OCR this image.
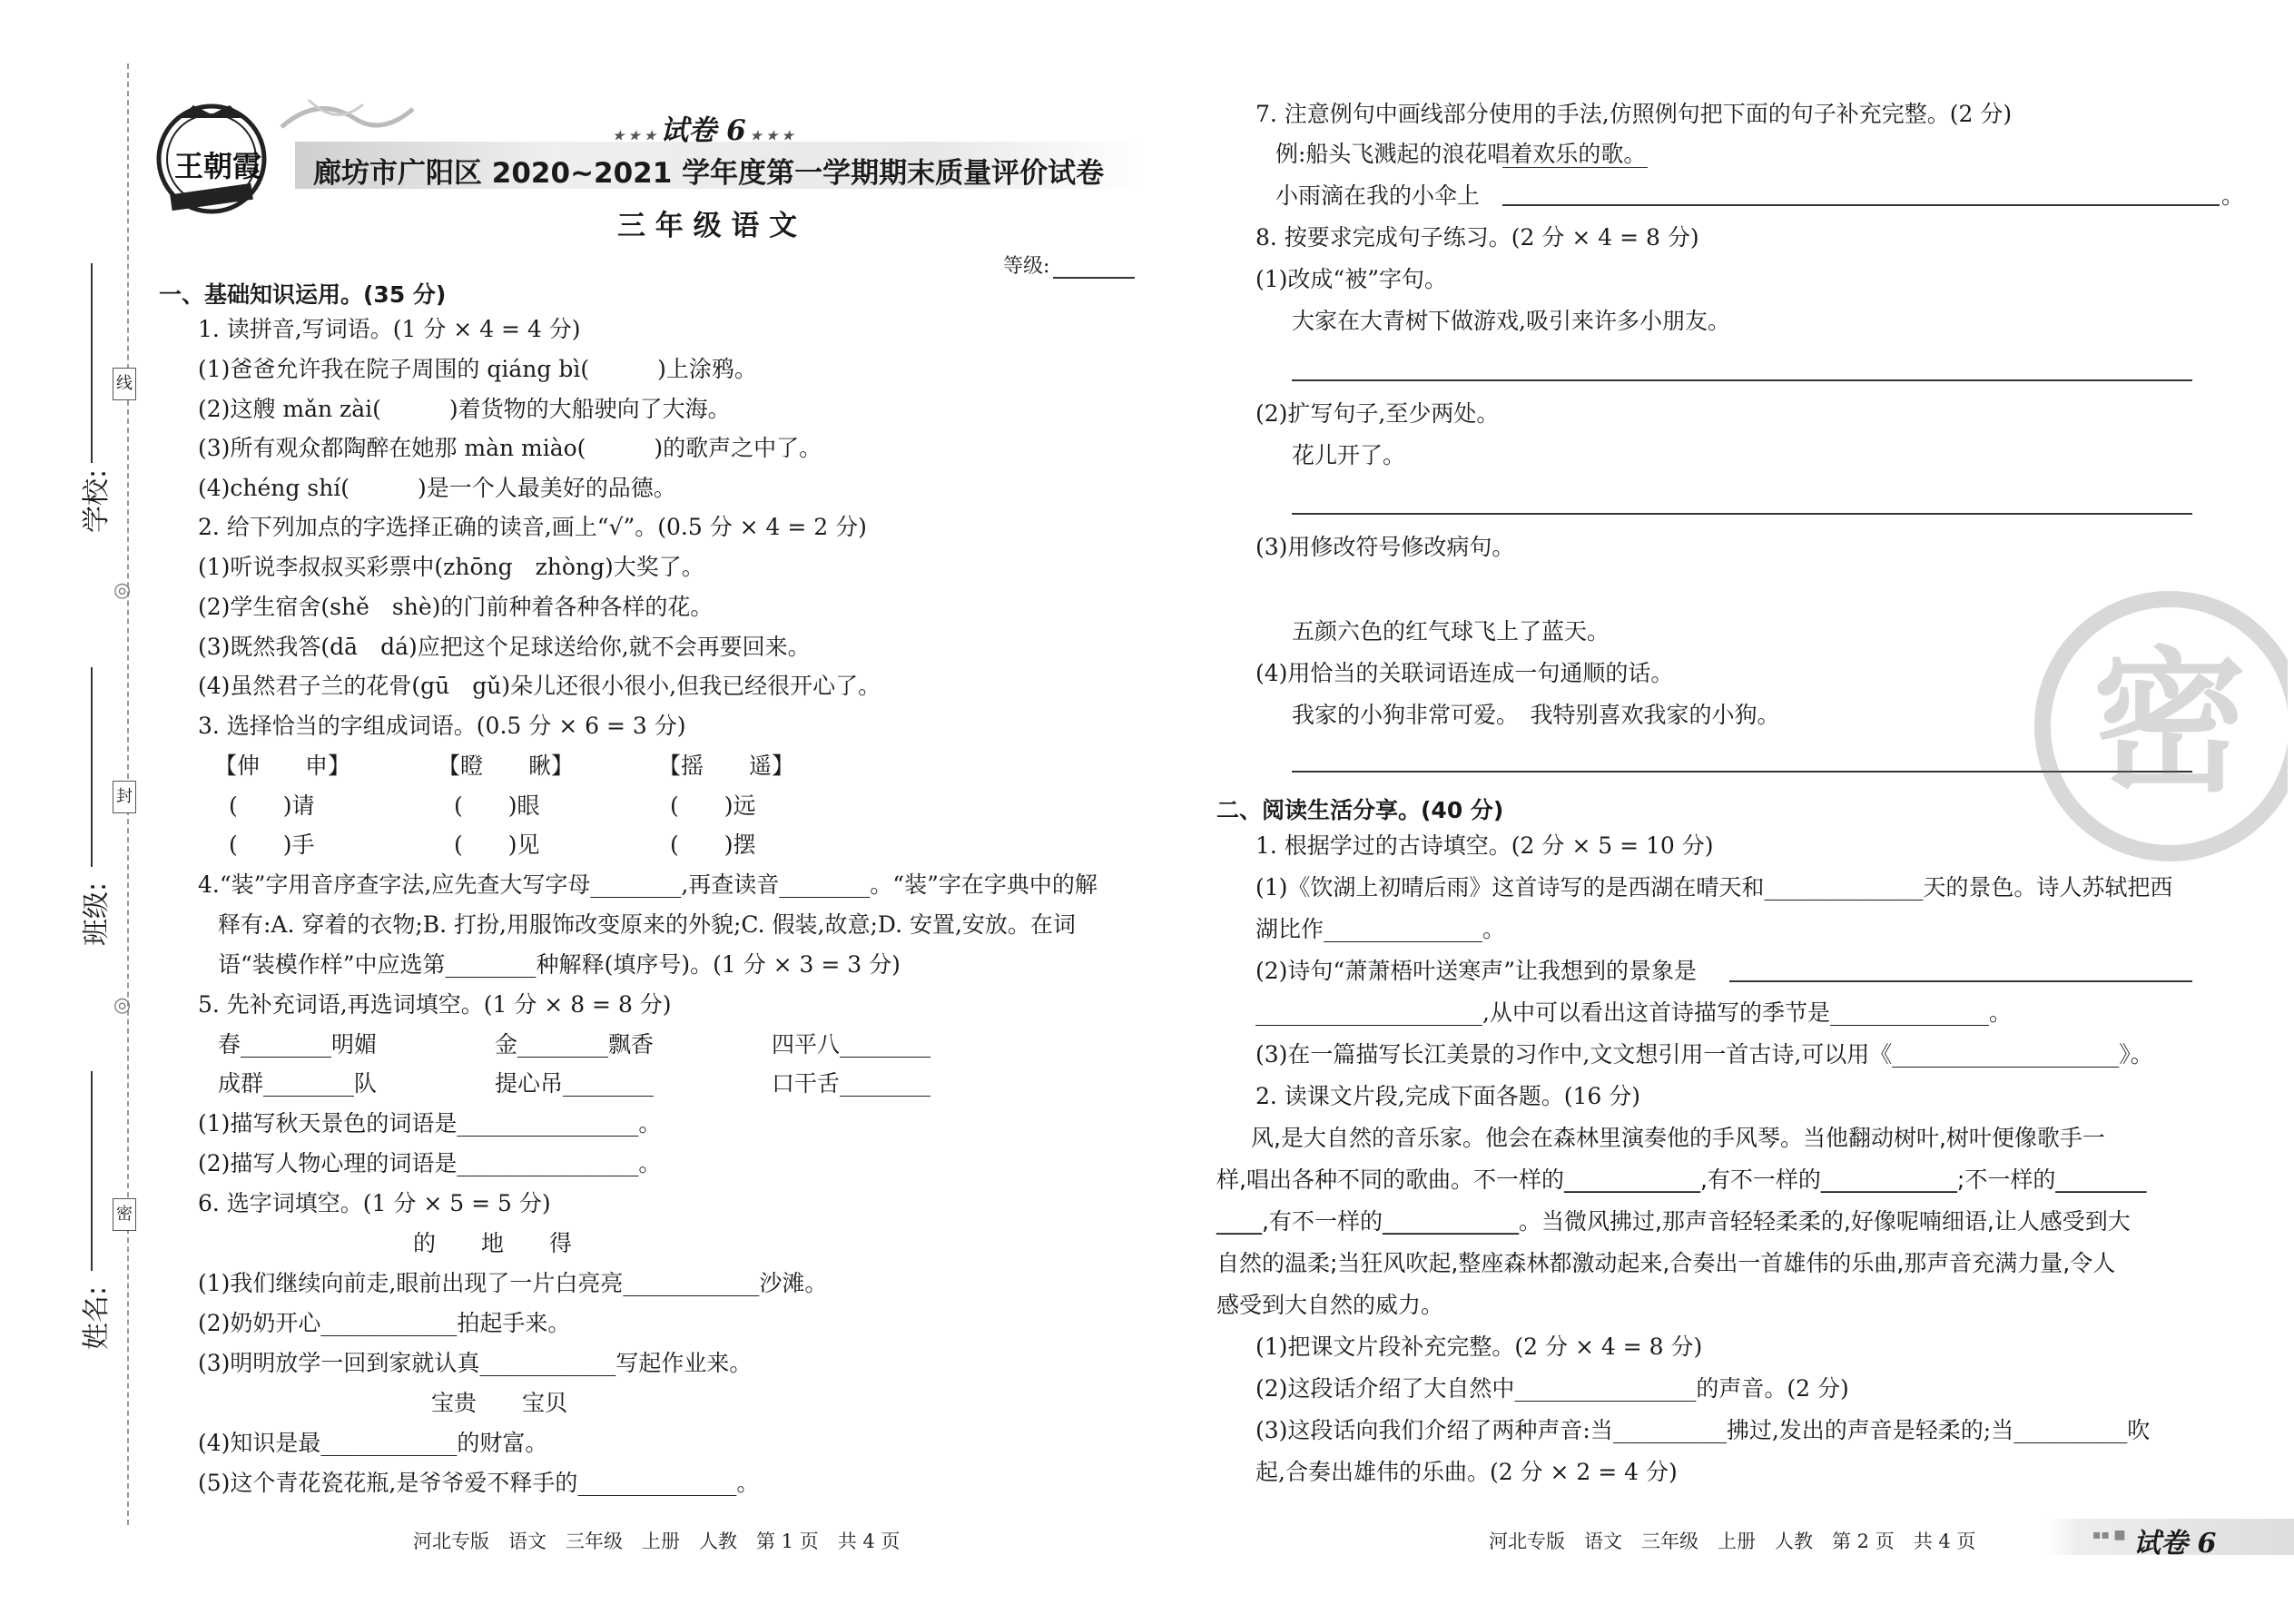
线
封
密
◎
◎
学校:
班级:
姓名:
王朝霞
★ ★ ★ 试卷 6 ★ ★ ★
廊坊市广阳区 2020~2021 学年度第一学期期末质量评价试卷
三 年 级 语 文
等级:
一、基础知识运用。(35 分)
1. 读拼音,写词语。(1 分 × 4 = 4 分)
(1)爸爸允许我在院子周围的 qiáng bì(　　　)上涂鸦。
(2)这艘 mǎn zài(　　　)着货物的大船驶向了大海。
(3)所有观众都陶醉在她那 màn miào(　　　)的歌声之中了。
(4)chéng shí(　　　)是一个人最美好的品德。
2. 给下列加点的字选择正确的读音,画上“√”。(0.5 分 × 4 = 2 分)
(1)听说李叔叔买彩票中(zhōng　zhòng)大奖了。
(2)学生宿舍(shě　shè)的门前种着各种各样的花。
(3)既然我答(dā　dá)应把这个足球送给你,就不会再要回来。
(4)虽然君子兰的花骨(gū　gǔ)朵儿还很小很小,但我已经很开心了。
3. 选择恰当的字组成词语。(0.5 分 × 6 = 3 分)
【伸　　申】	【瞪　　瞅】	【摇　　遥】
(　　)请	(　　)眼	(　　)远
(　　)手	(　　)见	(　　)摆
4.“装”字用音序查字法,应先查大写字母________,再查读音________。“装”字在字典中的解
释有:A. 穿着的衣物;B. 打扮,用服饰改变原来的外貌;C. 假装,故意;D. 安置,安放。在词
语“装模作样”中应选第________种解释(填序号)。(1 分 × 3 = 3 分)
5. 先补充词语,再选词填空。(1 分 × 8 = 8 分)
春________明媚	金________飘香	四平八________
成群________队	提心吊________	口干舌________
(1)描写秋天景色的词语是________________。
(2)描写人物心理的词语是________________。
6. 选字词填空。(1 分 × 5 = 5 分)
的　　地　　得
(1)我们继续向前走,眼前出现了一片白亮亮____________沙滩。
(2)奶奶开心____________拍起手来。
(3)明明放学一回到家就认真____________写起作业来。
宝贵　　宝贝
(4)知识是最____________的财富。
(5)这个青花瓷花瓶,是爷爷爱不释手的______________。
7. 注意例句中画线部分使用的手法,仿照例句把下面的句子补充完整。(2 分)
例:船头飞溅起的浪花唱着欢乐的歌。
小雨滴在我的小伞上	。
8. 按要求完成句子练习。(2 分 × 4 = 8 分)
(1)改成“被”字句。
大家在大青树下做游戏,吸引来许多小朋友。
(2)扩写句子,至少两处。
花儿开了。
(3)用修改符号修改病句。
五颜六色的红气球飞上了蓝天。
(4)用恰当的关联词语连成一句通顺的话。
我家的小狗非常可爱。　我特别喜欢我家的小狗。
二、阅读生活分享。(40 分)
1. 根据学过的古诗填空。(2 分 × 5 = 10 分)
(1)《饮湖上初晴后雨》这首诗写的是西湖在晴天和______________天的景色。诗人苏轼把西
湖比作______________。
(2)诗句“萧萧梧叶送寒声”让我想到的景象是
____________________,从中可以看出这首诗描写的季节是______________。
(3)在一篇描写长江美景的习作中,文文想引用一首古诗,可以用《____________________》。
2. 读课文片段,完成下面各题。(16 分)
风,是大自然的音乐家。他会在森林里演奏他的手风琴。当他翻动树叶,树叶便像歌手一
样,唱出各种不同的歌曲。不一样的____________,有不一样的____________;不一样的________
____,有不一样的____________。当微风拂过,那声音轻轻柔柔的,好像呢喃细语,让人感受到大
自然的温柔;当狂风吹起,整座森林都激动起来,合奏出一首雄伟的乐曲,那声音充满力量,令人
感受到大自然的威力。
(1)把课文片段补充完整。(2 分 × 4 = 8 分)
(2)这段话介绍了大自然中________________的声音。(2 分)
(3)这段话向我们介绍了两种声音:当__________拂过,发出的声音是轻柔的;当__________吹
起,合奏出雄伟的乐曲。(2 分 × 2 = 4 分)
密
河北专版　语文　三年级　上册　人教　第 1 页　共 4 页	河北专版　语文　三年级　上册　人教　第 2 页　共 4 页	▪▪ ■ 试卷 6
